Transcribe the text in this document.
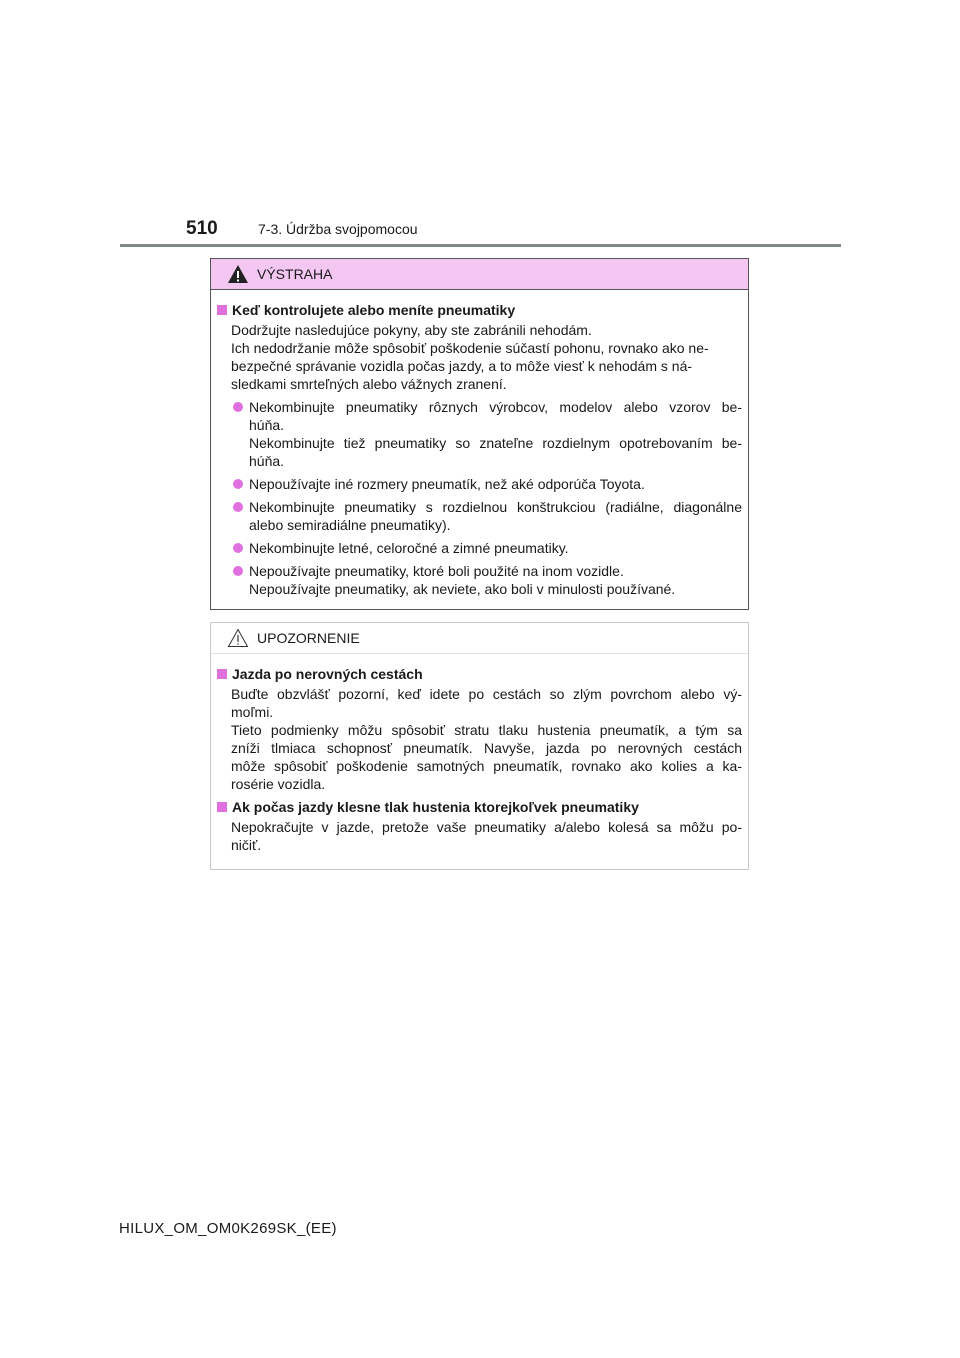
510	7-3. Údržba svojpomocou
VÝSTRAHA
Keď kontrolujete alebo meníte pneumatiky
Dodržujte nasledujúce pokyny, aby ste zabránili nehodám.
Ich nedodržanie môže spôsobiť poškodenie súčastí pohonu, rovnako ako ne-
bezpečné správanie vozidla počas jazdy, a to môže viesť k nehodám s ná-
sledkami smrteľných alebo vážnych zranení.
Nekombinujte pneumatiky rôznych výrobcov, modelov alebo vzorov be-
húňa.
Nekombinujte tiež pneumatiky so znateľne rozdielnym opotrebovaním be-
húňa.
Nepoužívajte iné rozmery pneumatík, než aké odporúča Toyota.
Nekombinujte pneumatiky s rozdielnou konštrukciou (radiálne, diagonálne
alebo semiradiálne pneumatiky).
Nekombinujte letné, celoročné a zimné pneumatiky.
Nepoužívajte pneumatiky, ktoré boli použité na inom vozidle.
Nepoužívajte pneumatiky, ak neviete, ako boli v minulosti používané.
UPOZORNENIE
Jazda po nerovných cestách
Buďte obzvlášť pozorní, keď idete po cestách so zlým povrchom alebo vý-
moľmi.
Tieto podmienky môžu spôsobiť stratu tlaku hustenia pneumatík, a tým sa
zníži tlmiaca schopnosť pneumatík. Navyše, jazda po nerovných cestách
môže spôsobiť poškodenie samotných pneumatík, rovnako ako kolies a ka-
rosérie vozidla.
Ak počas jazdy klesne tlak hustenia ktorejkoľvek pneumatiky
Nepokračujte v jazde, pretože vaše pneumatiky a/alebo kolesá sa môžu po-
ničiť.
HILUX_OM_OM0K269SK_(EE)
